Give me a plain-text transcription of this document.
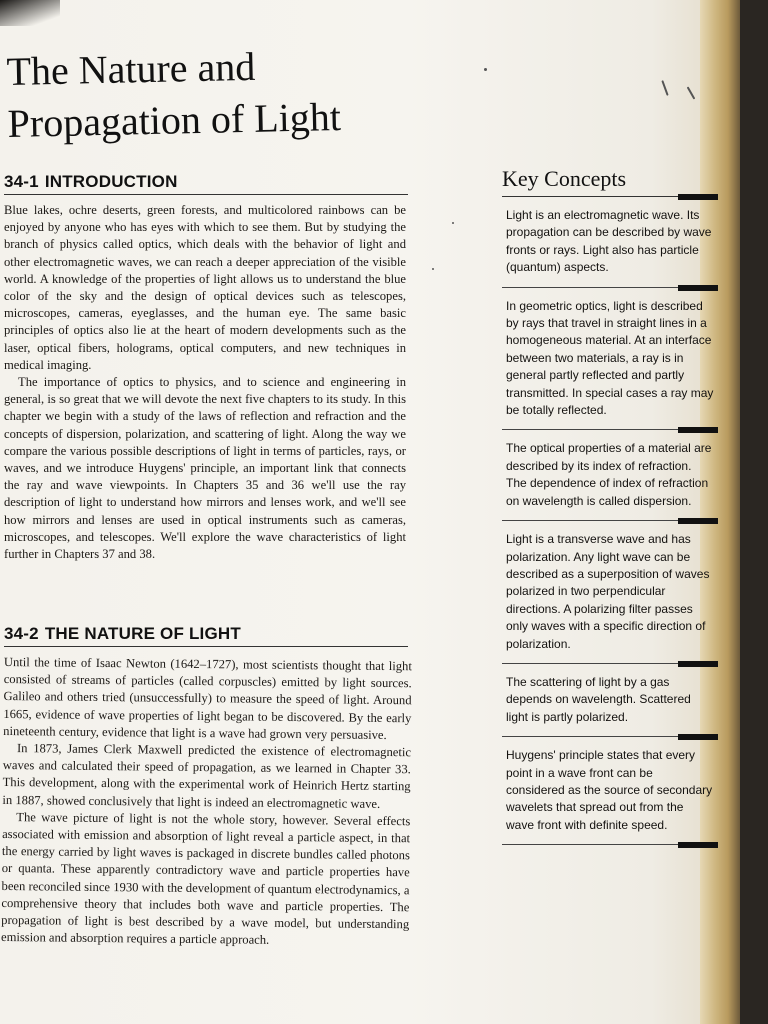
The Nature and
Propagation of Light
34-1 INTRODUCTION

Blue lakes, ochre deserts, green forests, and multicolored rainbows can be enjoyed by anyone who has eyes with which to see them. But by studying the branch of physics called optics, which deals with the behavior of light and other electromagnetic waves, we can reach a deeper appreciation of the visible world. A knowledge of the properties of light allows us to understand the blue color of the sky and the design of optical devices such as telescopes, microscopes, cameras, eyeglasses, and the human eye. The same basic principles of optics also lie at the heart of modern developments such as the laser, optical fibers, holograms, optical computers, and new techniques in medical imaging.

The importance of optics to physics, and to science and engineering in general, is so great that we will devote the next five chapters to its study. In this chapter we begin with a study of the laws of reflection and refraction and the concepts of dispersion, polarization, and scattering of light. Along the way we compare the various possible descriptions of light in terms of particles, rays, or waves, and we introduce Huygens' principle, an important link that connects the ray and wave viewpoints. In Chapters 35 and 36 we'll use the ray description of light to understand how mirrors and lenses work, and we'll see how mirrors and lenses are used in optical instruments such as cameras, microscopes, and telescopes. We'll explore the wave characteristics of light further in Chapters 37 and 38.

34-2 THE NATURE OF LIGHT

Until the time of Isaac Newton (1642–1727), most scientists thought that light consisted of streams of particles (called corpuscles) emitted by light sources. Galileo and others tried (unsuccessfully) to measure the speed of light. Around 1665, evidence of wave properties of light began to be discovered. By the early nineteenth century, evidence that light is a wave had grown very persuasive.

In 1873, James Clerk Maxwell predicted the existence of electromagnetic waves and calculated their speed of propagation, as we learned in Chapter 33. This development, along with the experimental work of Heinrich Hertz starting in 1887, showed conclusively that light is indeed an electromagnetic wave.

The wave picture of light is not the whole story, however. Several effects associated with emission and absorption of light reveal a particle aspect, in that the energy carried by light waves is packaged in discrete bundles called photons or quanta. These apparently contradictory wave and particle properties have been reconciled since 1930 with the development of quantum electrodynamics, a comprehensive theory that includes both wave and particle properties. The propagation of light is best described by a wave model, but understanding emission and absorption requires a particle approach.

Key Concepts

Light is an electromagnetic wave. Its propagation can be described by wave fronts or rays. Light also has particle (quantum) aspects.

In geometric optics, light is described by rays that travel in straight lines in a homogeneous material. At an interface between two materials, a ray is in general partly reflected and partly transmitted. In special cases a ray may be totally reflected.

The optical properties of a material are described by its index of refraction. The dependence of index of refraction on wavelength is called dispersion.

Light is a transverse wave and has polarization. Any light wave can be described as a superposition of waves polarized in two perpendicular directions. A polarizing filter passes only waves with a specific direction of polarization.

The scattering of light by a gas depends on wavelength. Scattered light is partly polarized.

Huygens' principle states that every point in a wave front can be considered as the source of secondary wavelets that spread out from the wave front with definite speed.
